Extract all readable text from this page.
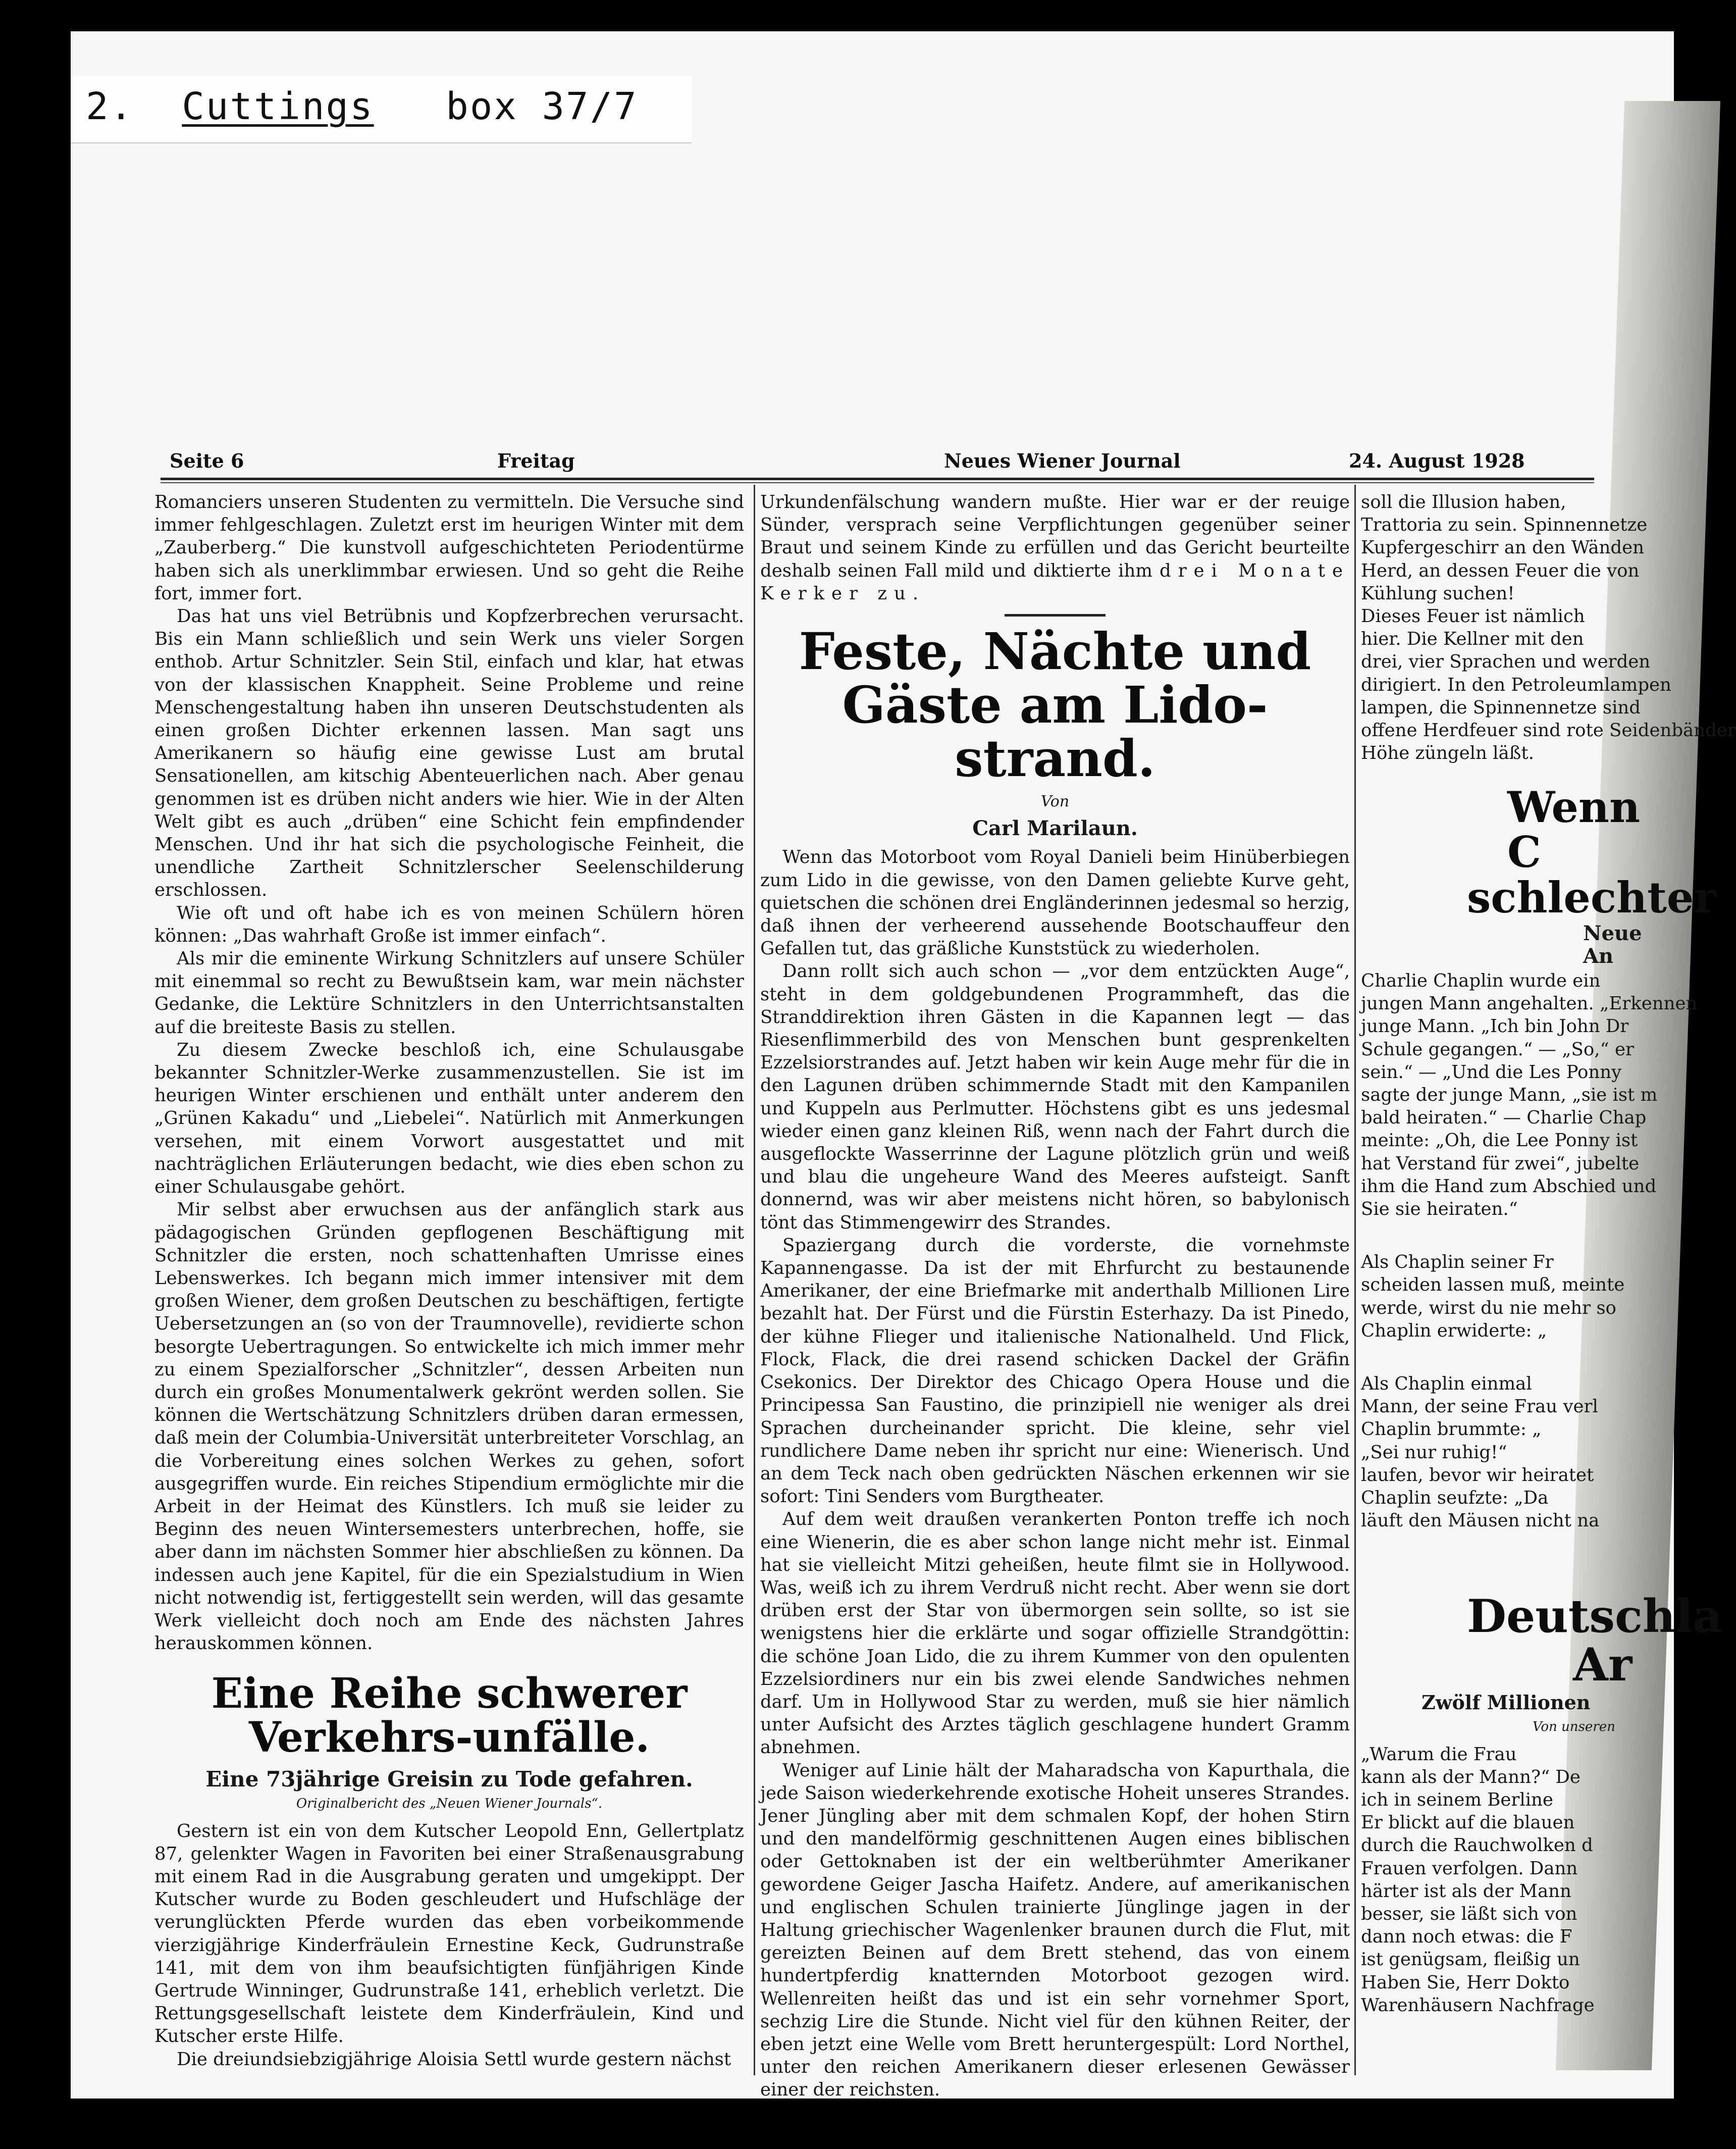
2. Cuttings box 37/7
Seite 6	Freitag	Neues Wiener Journal	24. August 1928

Romanciers unseren Studenten zu vermitteln. Die Versuche sind immer fehlgeschlagen. Zuletzt erst im heurigen Winter mit dem „Zauberberg.“ Die kunstvoll aufgeschichteten Periodentürme haben sich als unerklimmbar erwiesen. Und so geht die Reihe fort, immer fort.

Das hat uns viel Betrübnis und Kopfzerbrechen verursacht. Bis ein Mann schließlich und sein Werk uns vieler Sorgen enthob. Artur Schnitzler. Sein Stil, einfach und klar, hat etwas von der klassischen Knappheit. Seine Probleme und reine Menschengestaltung haben ihn unseren Deutschstudenten als einen großen Dichter erkennen lassen. Man sagt uns Amerikanern so häufig eine gewisse Lust am brutal Sensationellen, am kitschig Abenteuerlichen nach. Aber genau genommen ist es drüben nicht anders wie hier. Wie in der Alten Welt gibt es auch „drüben“ eine Schicht fein empfindender Menschen. Und ihr hat sich die psychologische Feinheit, die unendliche Zartheit Schnitzlerscher Seelenschilderung erschlossen.

Wie oft und oft habe ich es von meinen Schülern hören können: „Das wahrhaft Große ist immer einfach“.

Als mir die eminente Wirkung Schnitzlers auf unsere Schüler mit einemmal so recht zu Bewußtsein kam, war mein nächster Gedanke, die Lektüre Schnitzlers in den Unterrichtsanstalten auf die breiteste Basis zu stellen.

Zu diesem Zwecke beschloß ich, eine Schulausgabe bekannter Schnitzler-Werke zusammenzustellen. Sie ist im heurigen Winter erschienen und enthält unter anderem den „Grünen Kakadu“ und „Liebelei“. Natürlich mit Anmerkungen versehen, mit einem Vorwort ausgestattet und mit nachträglichen Erläuterungen bedacht, wie dies eben schon zu einer Schulausgabe gehört.

Mir selbst aber erwuchsen aus der anfänglich stark aus pädagogischen Gründen gepflogenen Beschäftigung mit Schnitzler die ersten, noch schattenhaften Umrisse eines Lebenswerkes. Ich begann mich immer intensiver mit dem großen Wiener, dem großen Deutschen zu beschäftigen, fertigte Uebersetzungen an (so von der Traumnovelle), revidierte schon besorgte Uebertragungen. So entwickelte ich mich immer mehr zu einem Spezialforscher „Schnitzler“, dessen Arbeiten nun durch ein großes Monumentalwerk gekrönt werden sollen. Sie können die Wertschätzung Schnitzlers drüben daran ermessen, daß mein der Columbia-Universität unterbreiteter Vorschlag, an die Vorbereitung eines solchen Werkes zu gehen, sofort ausgegriffen wurde. Ein reiches Stipendium ermöglichte mir die Arbeit in der Heimat des Künstlers. Ich muß sie leider zu Beginn des neuen Wintersemesters unterbrechen, hoffe, sie aber dann im nächsten Sommer hier abschließen zu können. Da indessen auch jene Kapitel, für die ein Spezialstudium in Wien nicht notwendig ist, fertiggestellt sein werden, will das gesamte Werk vielleicht doch noch am Ende des nächsten Jahres herauskommen können.

Eine Reihe schwerer Verkehrs-unfälle.
Eine 73jährige Greisin zu Tode gefahren.
Originalbericht des „Neuen Wiener Journals“.

Gestern ist ein von dem Kutscher Leopold Enn, Gellertplatz 87, gelenkter Wagen in Favoriten bei einer Straßenausgrabung mit einem Rad in die Ausgrabung geraten und umgekippt. Der Kutscher wurde zu Boden geschleudert und Hufschläge der verunglückten Pferde wurden das eben vorbeikommende vierzigjährige Kinderfräulein Ernestine Keck, Gudrunstraße 141, mit dem von ihm beaufsichtigten fünfjährigen Kinde Gertrude Winninger, Gudrunstraße 141, erheblich verletzt. Die Rettungsgesellschaft leistete dem Kinderfräulein, Kind und Kutscher erste Hilfe.

Die dreiundsiebzigjährige Aloisia Settl wurde gestern nächst

Urkundenfälschung wandern mußte. Hier war er der reuige Sünder, versprach seine Verpflichtungen gegenüber seiner Braut und seinem Kinde zu erfüllen und das Gericht beurteilte deshalb seinen Fall mild und diktierte ihm drei Monate Kerker zu.

Feste, Nächte und Gäste am Lido-strand.
Von
Carl Marilaun.

Wenn das Motorboot vom Royal Danieli beim Hinüberbiegen zum Lido in die gewisse, von den Damen geliebte Kurve geht, quietschen die schönen drei Engländerinnen jedesmal so herzig, daß ihnen der verheerend aussehende Bootschauffeur den Gefallen tut, das gräßliche Kunststück zu wiederholen.

Dann rollt sich auch schon — „vor dem entzückten Auge“, steht in dem goldgebundenen Programmheft, das die Stranddirektion ihren Gästen in die Kapannen legt — das Riesenflimmerbild des von Menschen bunt gesprenkelten Ezzelsiorstrandes auf. Jetzt haben wir kein Auge mehr für die in den Lagunen drüben schimmernde Stadt mit den Kampanilen und Kuppeln aus Perlmutter. Höchstens gibt es uns jedesmal wieder einen ganz kleinen Riß, wenn nach der Fahrt durch die ausgeflockte Wasserrinne der Lagune plötzlich grün und weiß und blau die ungeheure Wand des Meeres aufsteigt. Sanft donnernd, was wir aber meistens nicht hören, so babylonisch tönt das Stimmengewirr des Strandes.

Spaziergang durch die vorderste, die vornehmste Kapannengasse. Da ist der mit Ehrfurcht zu bestaunende Amerikaner, der eine Briefmarke mit anderthalb Millionen Lire bezahlt hat. Der Fürst und die Fürstin Esterhazy. Da ist Pinedo, der kühne Flieger und italienische Nationalheld. Und Flick, Flock, Flack, die drei rasend schicken Dackel der Gräfin Csekonics. Der Direktor des Chicago Opera House und die Principessa San Faustino, die prinzipiell nie weniger als drei Sprachen durcheinander spricht. Die kleine, sehr viel rundlichere Dame neben ihr spricht nur eine: Wienerisch. Und an dem Teck nach oben gedrückten Näschen erkennen wir sie sofort: Tini Senders vom Burgtheater.

Auf dem weit draußen verankerten Ponton treffe ich noch eine Wienerin, die es aber schon lange nicht mehr ist. Einmal hat sie vielleicht Mitzi geheißen, heute filmt sie in Hollywood. Was, weiß ich zu ihrem Verdruß nicht recht. Aber wenn sie dort drüben erst der Star von übermorgen sein sollte, so ist sie wenigstens hier die erklärte und sogar offizielle Strandgöttin: die schöne Joan Lido, die zu ihrem Kummer von den opulenten Ezzelsiordiners nur ein bis zwei elende Sandwiches nehmen darf. Um in Hollywood Star zu werden, muß sie hier nämlich unter Aufsicht des Arztes täglich geschlagene hundert Gramm abnehmen.

Weniger auf Linie hält der Maharadscha von Kapurthala, die jede Saison wiederkehrende exotische Hoheit unseres Strandes. Jener Jüngling aber mit dem schmalen Kopf, der hohen Stirn und den mandelförmig geschnittenen Augen eines biblischen oder Gettoknaben ist der ein weltberühmter Amerikaner gewordene Geiger Jascha Haifetz. Andere, auf amerikanischen und englischen Schulen trainierte Jünglinge jagen in der Haltung griechischer Wagenlenker braunen durch die Flut, mit gereizten Beinen auf dem Brett stehend, das von einem hundertpferdig knatternden Motorboot gezogen wird. Wellenreiten heißt das und ist ein sehr vornehmer Sport, sechzig Lire die Stunde. Nicht viel für den kühnen Reiter, der eben jetzt eine Welle vom Brett heruntergespült: Lord Northel, unter den reichen Amerikanern dieser erlesenen Gewässer einer der reichsten.

soll die Illusion haben,
Trattoria zu sein. Spinnennetze
Kupfergeschirr an den Wänden
Herd, an dessen Feuer die von
Kühlung suchen!
Dieses Feuer ist nämlich
hier. Die Kellner mit den
drei, vier Sprachen und werden
dirigiert. In den Petroleumlampen
lampen, die Spinnennetze sind
offene Herdfeuer sind rote Seidenbänder
Höhe züngeln läßt.
Wenn C
schlechter
Neue An
Charlie Chaplin wurde ein
jungen Mann angehalten. „Erkennen
junge Mann. „Ich bin John Dr
Schule gegangen.“ — „So,“ er
sein.“ — „Und die Les Ponny
sagte der junge Mann, „sie ist m
bald heiraten.“ — Charlie Chap
meinte: „Oh, die Lee Ponny ist
hat Verstand für zwei“, jubelte
ihm die Hand zum Abschied und
Sie sie heiraten.“
Als Chaplin seiner Fr
scheiden lassen muß, meinte
werde, wirst du nie mehr so
Chaplin erwiderte: „
Als Chaplin einmal
Mann, der seine Frau verl
Chaplin brummte: „
„Sei nur ruhig!“
laufen, bevor wir heiratet
Chaplin seufzte: „Da
läuft den Mäusen nicht na
Deutschla
Ar
Zwölf Millionen
Von unseren
„Warum die Frau
kann als der Mann?“ De
ich in seinem Berline
Er blickt auf die blauen
durch die Rauchwolken d
Frauen verfolgen. Dann
härter ist als der Mann
besser, sie läßt sich von
dann noch etwas: die F
ist genügsam, fleißig un
Haben Sie, Herr Dokto
Warenhäusern Nachfrage
